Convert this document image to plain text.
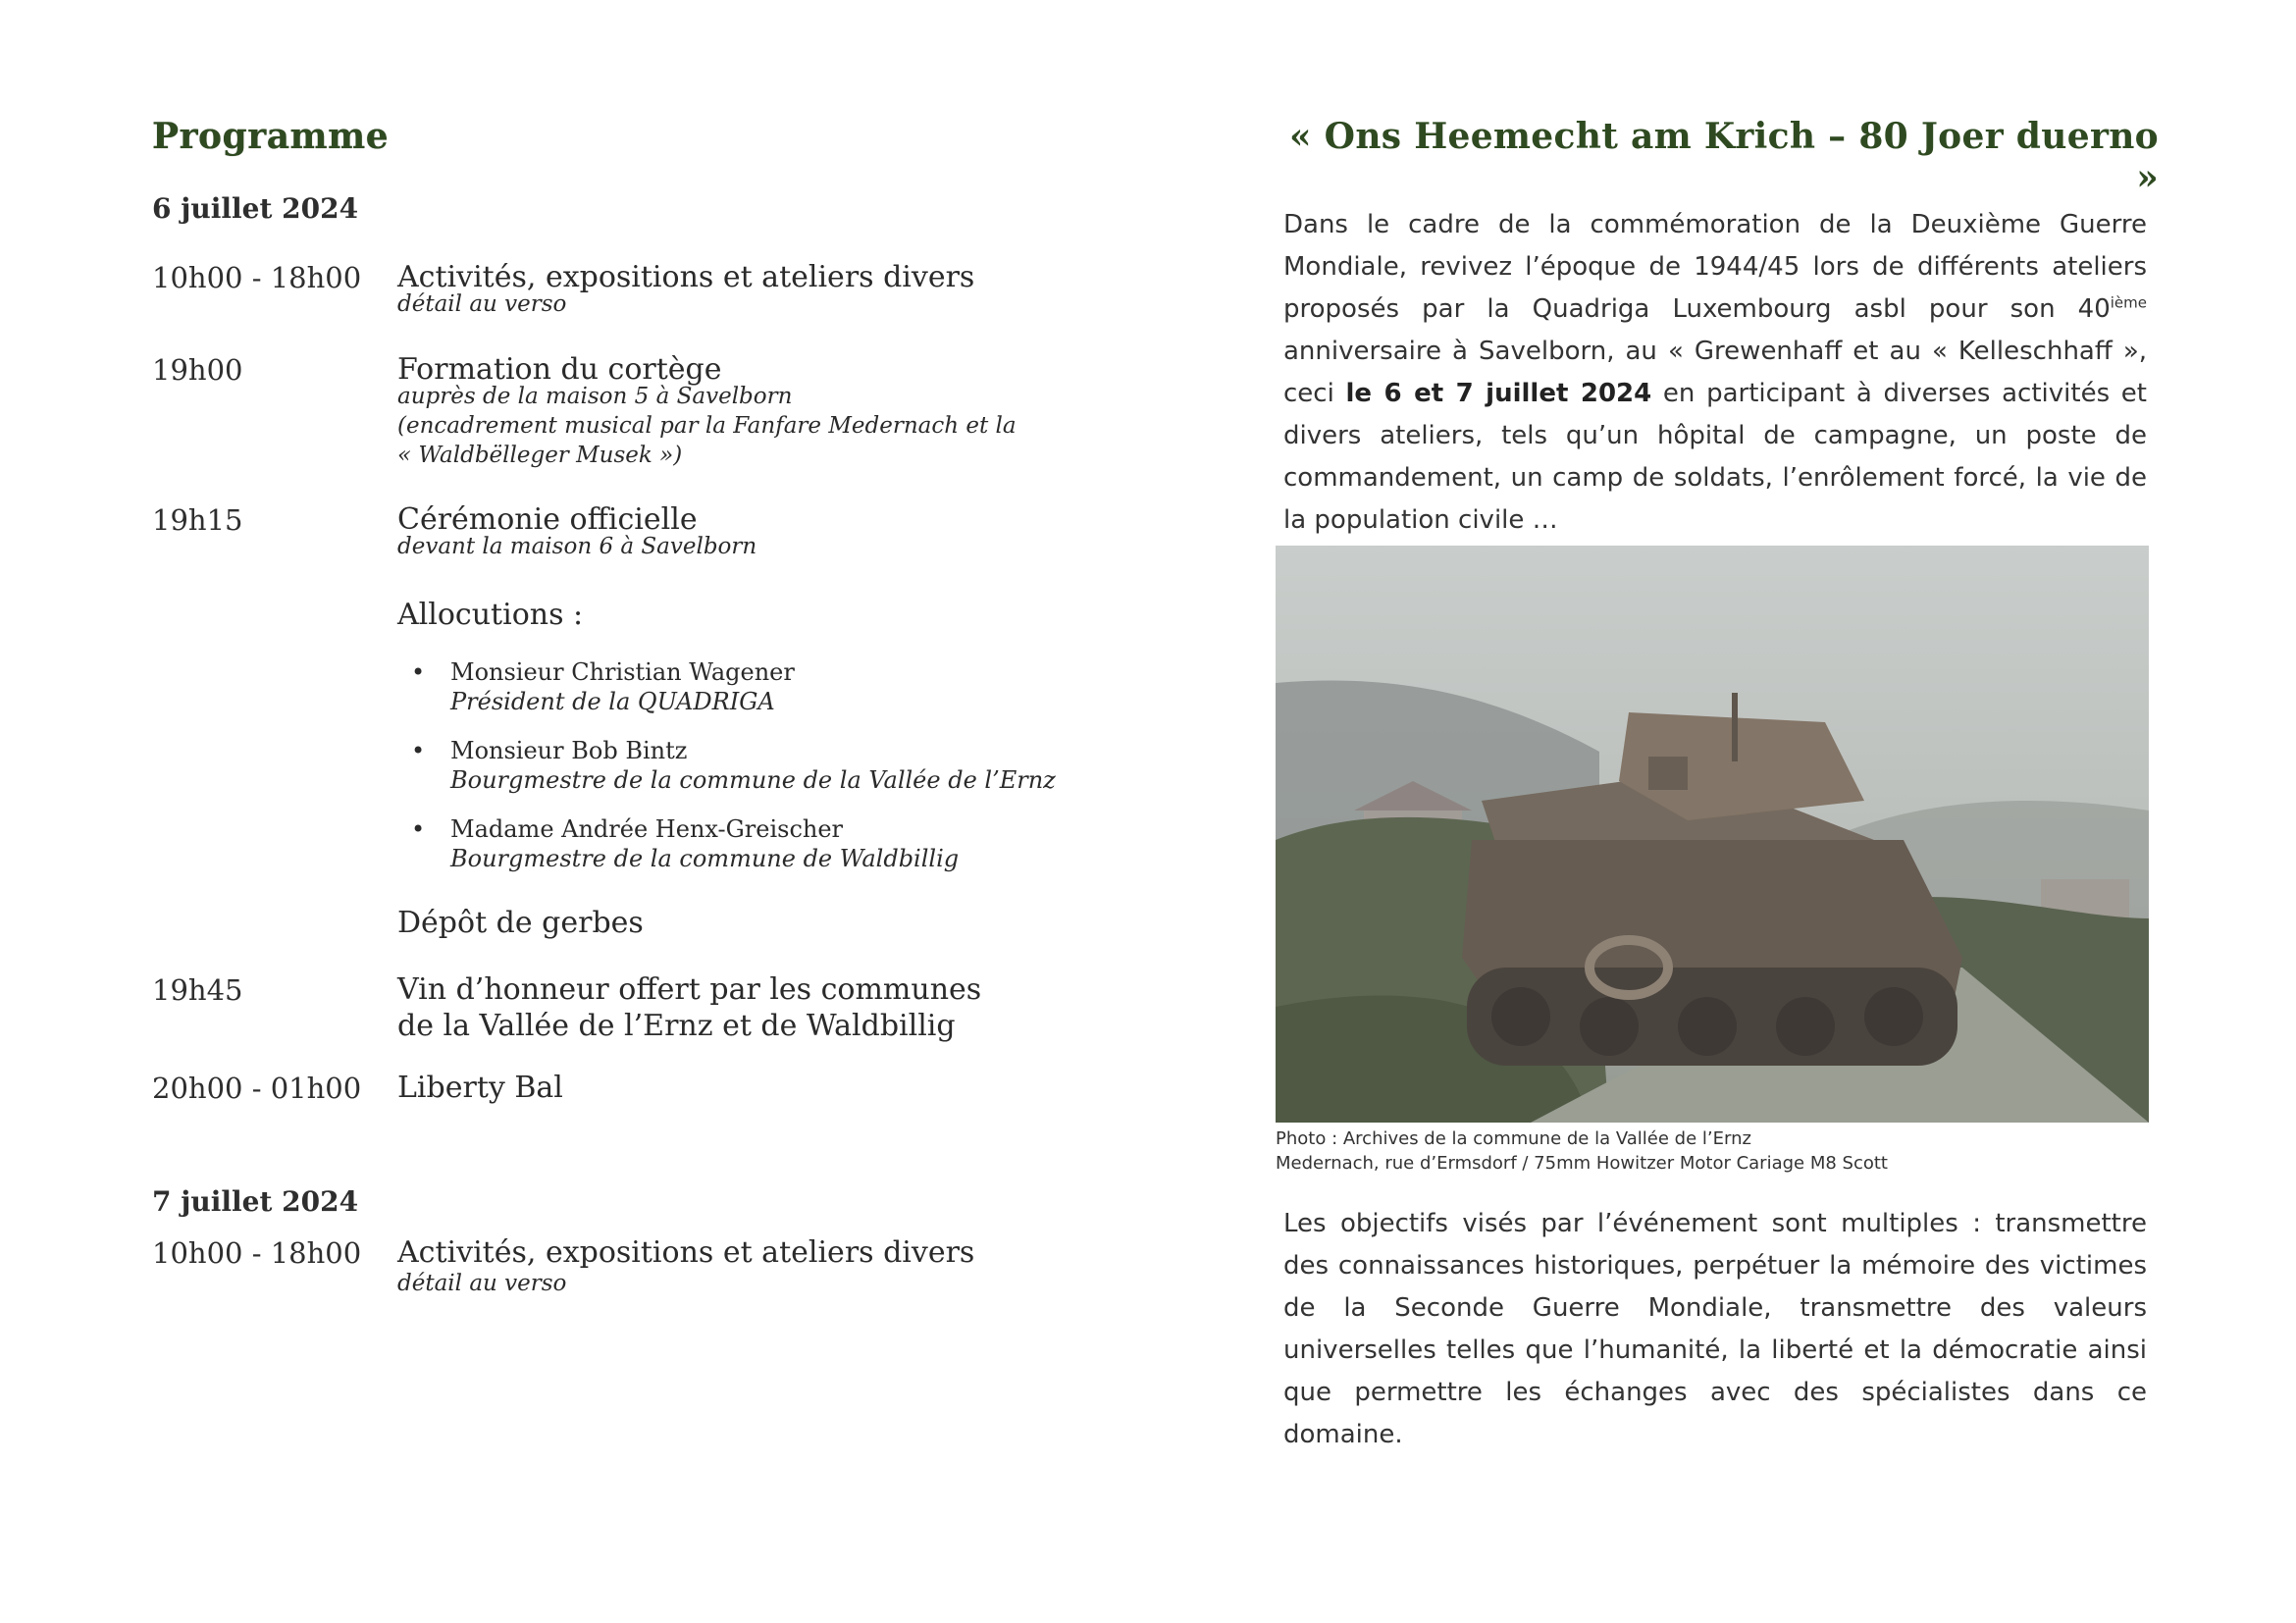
Programme
6 juillet 2024
10h00 - 18h00 Activités, expositions et ateliers divers
détail au verso
19h00	Formation du cortège
auprès de la maison 5 à Savelborn
(encadrement musical par la Fanfare Medernach et la
« Waldbëlleger Musek »)
19h15	Cérémonie officielle
devant la maison 6 à Savelborn
Allocutions :
• Monsieur Christian Wagener
Président de la QUADRIGA
• Monsieur Bob Bintz
Bourgmestre de la commune de la Vallée de l’Ernz
• Madame Andrée Henx-Greischer
Bourgmestre de la commune de Waldbillig
Dépôt de gerbes
19h45	Vin d’honneur offert par les communes
de la Vallée de l’Ernz et de Waldbillig
20h00 - 01h00 Liberty Bal
7 juillet 2024
10h00 - 18h00 Activités, expositions et ateliers divers
détail au verso
« Ons Heemecht am Krich – 80 Joer duerno »
Dans le cadre de la commémoration de la Deuxième Guerre Mondiale, revivez l’époque de 1944/45 lors de différents ateliers proposés par la Quadriga Luxembourg asbl pour son 40ième anniversaire à Savelborn, au « Grewenhaff et au « Kelleschhaff », ceci le 6 et 7 juillet 2024 en participant à diverses activités et divers ateliers, tels qu’un hôpital de campagne, un poste de commandement, un camp de soldats, l’enrôlement forcé, la vie de la population civile …
Photo : Archives de la commune de la Vallée de l’Ernz
Medernach, rue d’Ermsdorf / 75mm Howitzer Motor Cariage M8 Scott
Les objectifs visés par l’événement sont multiples : transmettre des connaissances historiques, perpétuer la mémoire des victimes de la Seconde Guerre Mondiale, transmettre des valeurs universelles telles que l’humanité, la liberté et la démocratie ainsi que permettre les échanges avec des spécialistes dans ce domaine.
